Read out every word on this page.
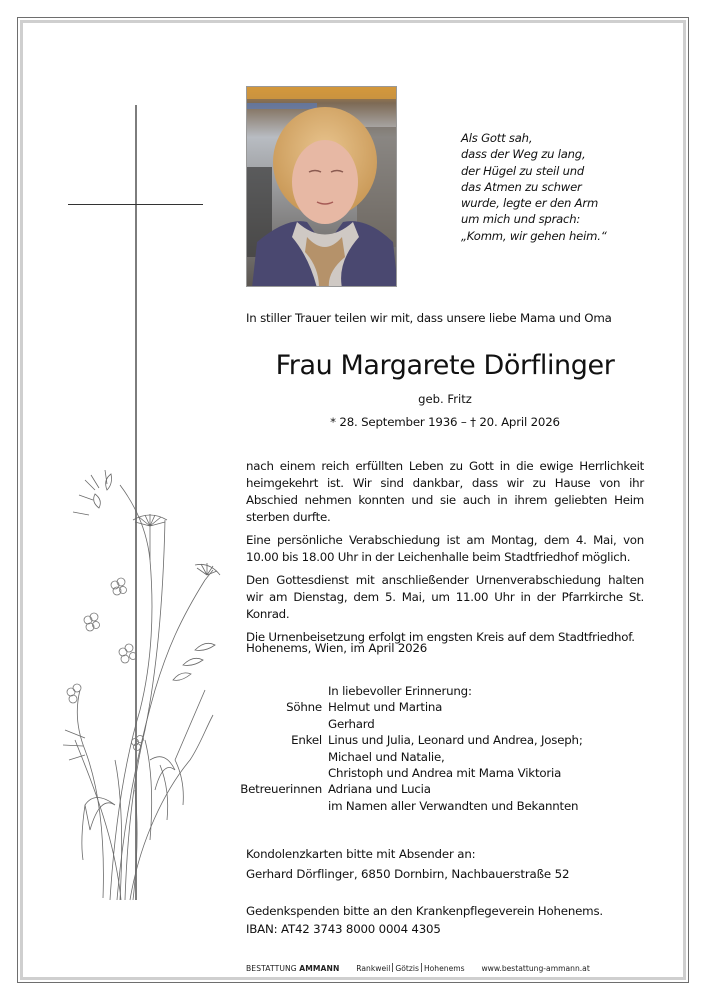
Als Gott sah,
dass der Weg zu lang,
der Hügel zu steil und
das Atmen zu schwer
wurde, legte er den Arm
um mich und sprach:
„Komm, wir gehen heim.“
In stiller Trauer teilen wir mit, dass unsere liebe Mama und Oma
Frau Margarete Dörflinger
geb. Fritz
* 28. September 1936 – † 20. April 2026

nach einem reich erfüllten Leben zu Gott in die ewige Herrlichkeit heimgekehrt ist. Wir sind dankbar, dass wir zu Hause von ihr Abschied nehmen konnten und sie auch in ihrem geliebten Heim sterben durfte.

Eine persönliche Verabschiedung ist am Montag, dem 4. Mai, von 10.00 bis 18.00 Uhr in der Leichenhalle beim Stadtfriedhof möglich.

Den Gottesdienst mit anschließender Urnenverabschiedung halten wir am Dienstag, dem 5. Mai, um 11.00 Uhr in der Pfarrkirche St. Konrad.

Die Urnenbeisetzung erfolgt im engsten Kreis auf dem Stadtfriedhof.

Hohenems, Wien, im April 2026
In liebevoller Erinnerung:
Söhne Helmut und Martina
Gerhard
Enkel Linus und Julia, Leonard und Andrea, Joseph;
Michael und Natalie,
Christoph und Andrea mit Mama Viktoria
Betreuerinnen Adriana und Lucia
im Namen aller Verwandten und Bekannten
Kondolenzkarten bitte mit Absender an:
Gerhard Dörflinger, 6850 Dornbirn, Nachbauerstraße 52
Gedenkspenden bitte an den Krankenpflegeverein Hohenems.
IBAN: AT42 3743 8000 0004 4305
BESTATTUNG AMMANN Rankweil Götzis Hohenems www.bestattung-ammann.at
